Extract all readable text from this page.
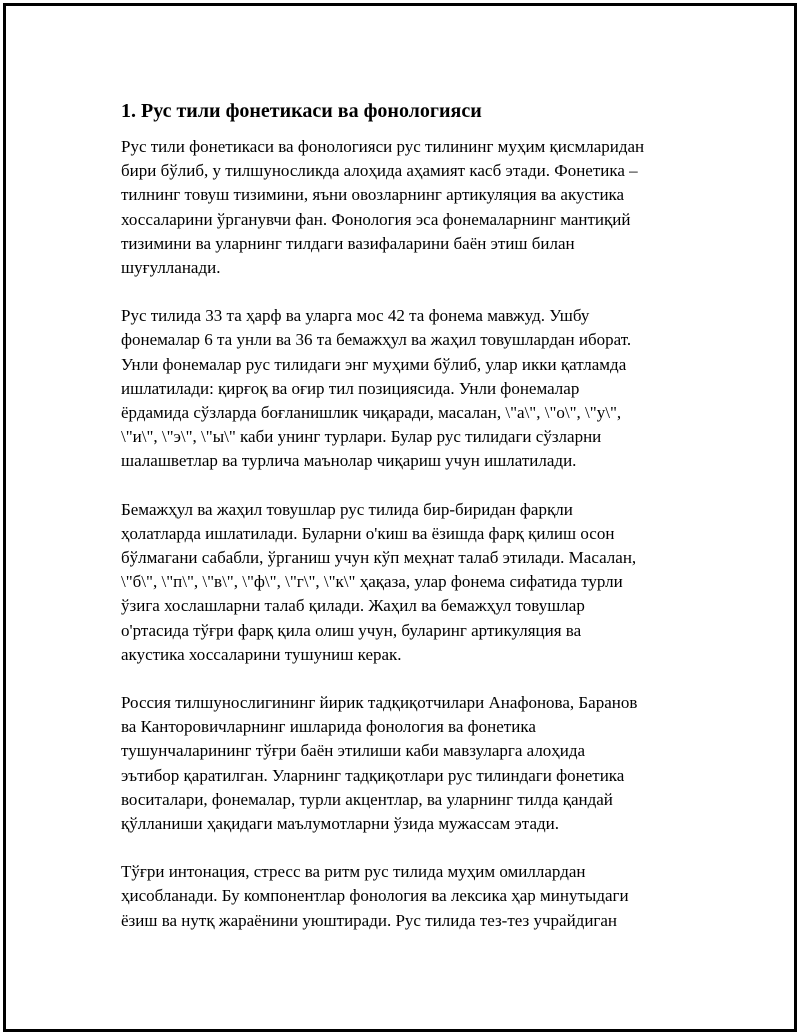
1. Рус тили фонетикаси ва фонологияси
Рус тили фонетикаси ва фонологияси рус тилининг муҳим қисмларидан
бири бўлиб, у тилшуносликда алоҳида аҳамият касб этади. Фонетика –
тилнинг товуш тизимини, яъни овозларнинг артикуляция ва акустика
хоссаларини ўрганувчи фан. Фонология эса фонемаларнинг мантиқий
тизимини ва уларнинг тилдаги вазифаларини баён этиш билан
шуғулланади.
Рус тилида 33 та ҳарф ва уларга мос 42 та фонема мавжуд. Ушбу
фонемалар 6 та унли ва 36 та бемажҳул ва жаҳил товушлардан иборат.
Унли фонемалар рус тилидаги энг муҳими бўлиб, улар икки қатламда
ишлатилади: қирғоқ ва оғир тил позициясида. Унли фонемалар
ёрдамида сўзларда боғланишлик чиқаради, масалан, \"а\", \"о\", \"у\",
\"и\", \"э\", \"ы\" каби унинг турлари. Булар рус тилидаги сўзларни
шалашветлар ва турлича маънолар чиқариш учун ишлатилади.
Бемажҳул ва жаҳил товушлар рус тилида бир-биридан фарқли
ҳолатларда ишлатилади. Буларни о'киш ва ёзишда фарқ қилиш осон
бўлмагани сабабли, ўрганиш учун кўп меҳнат талаб этилади. Масалан,
\"б\", \"п\", \"в\", \"ф\", \"г\", \"к\" ҳақаза, улар фонема сифатида турли
ўзига хослашларни талаб қилади. Жаҳил ва бемажҳул товушлар
о'ртасида тўғри фарқ қила олиш учун, буларинг артикуляция ва
акустика хоссаларини тушуниш керак.
Россия тилшунослигининг йирик тадқиқотчилари Анафонова, Баранов
ва Канторовичларнинг ишларида фонология ва фонетика
тушунчаларининг тўғри баён этилиши каби мавзуларга алоҳида
эътибор қаратилган. Уларнинг тадқиқотлари рус тилиндаги фонетика
воситалари, фонемалар, турли акцентлар, ва уларнинг тилда қандай
қўлланиши ҳақидаги маълумотларни ўзида мужассам этади.
Тўғри интонация, стресс ва ритм рус тилида муҳим омиллардан
ҳисобланади. Бу компонентлар фонология ва лексика ҳар минутыдаги
ёзиш ва нутқ жараёнини уюштиради. Рус тилида тез-тез учрайдиган
